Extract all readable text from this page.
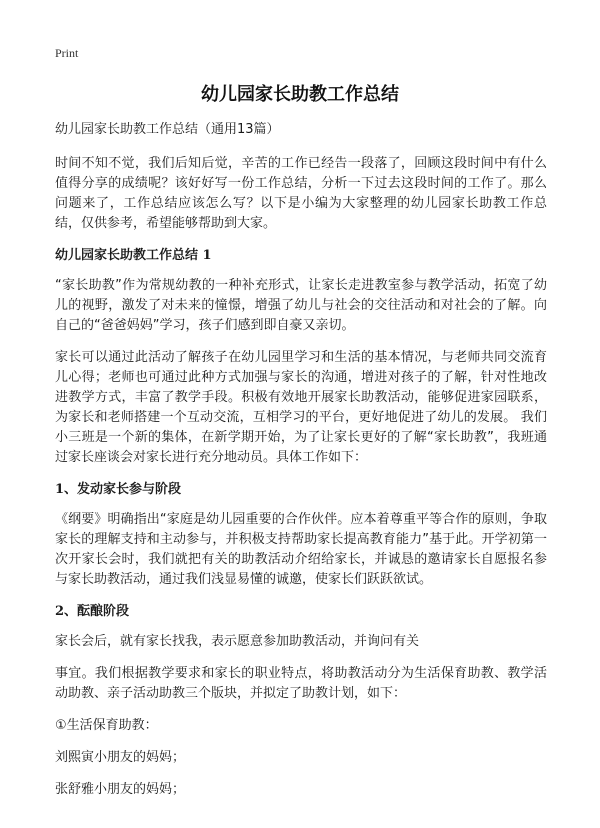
Print
幼儿园家长助教工作总结

幼儿园家长助教工作总结（通用13篇）

时间不知不觉，我们后知后觉，辛苦的工作已经告一段落了，回顾这段时间中有什么值得分享的成绩呢？该好好写一份工作总结，分析一下过去这段时间的工作了。那么问题来了，工作总结应该怎么写？以下是小编为大家整理的幼儿园家长助教工作总结，仅供参考，希望能够帮助到大家。

幼儿园家长助教工作总结 1

“家长助教”作为常规幼教的一种补充形式，让家长走进教室参与教学活动，拓宽了幼儿的视野，激发了对未来的憧憬，增强了幼儿与社会的交往活动和对社会的了解。向自己的“爸爸妈妈”学习，孩子们感到即自豪又亲切。

家长可以通过此活动了解孩子在幼儿园里学习和生活的基本情况，与老师共同交流育儿心得；老师也可通过此种方式加强与家长的沟通，增进对孩子的了解，针对性地改进教学方式，丰富了教学手段。积极有效地开展家长助教活动，能够促进家园联系，为家长和老师搭建一个互动交流，互相学习的平台，更好地促进了幼儿的发展。 我们小三班是一个新的集体，在新学期开始，为了让家长更好的了解“家长助教”，我班通过家长座谈会对家长进行充分地动员。具体工作如下：

1、发动家长参与阶段

《纲要》明确指出“家庭是幼儿园重要的合作伙伴。应本着尊重平等合作的原则，争取家长的理解支持和主动参与，并积极支持帮助家长提高教育能力”基于此。开学初第一次开家长会时，我们就把有关的助教活动介绍给家长，并诚恳的邀请家长自愿报名参与家长助教活动，通过我们浅显易懂的诚邀，使家长们跃跃欲试。

2、酝酿阶段

家长会后，就有家长找我，表示愿意参加助教活动，并询问有关

事宜。我们根据教学要求和家长的职业特点，将助教活动分为生活保育助教、教学活动助教、亲子活动助教三个版块，并拟定了助教计划，如下：

①生活保育助教：

刘熙寅小朋友的妈妈；

张舒雅小朋友的妈妈；
